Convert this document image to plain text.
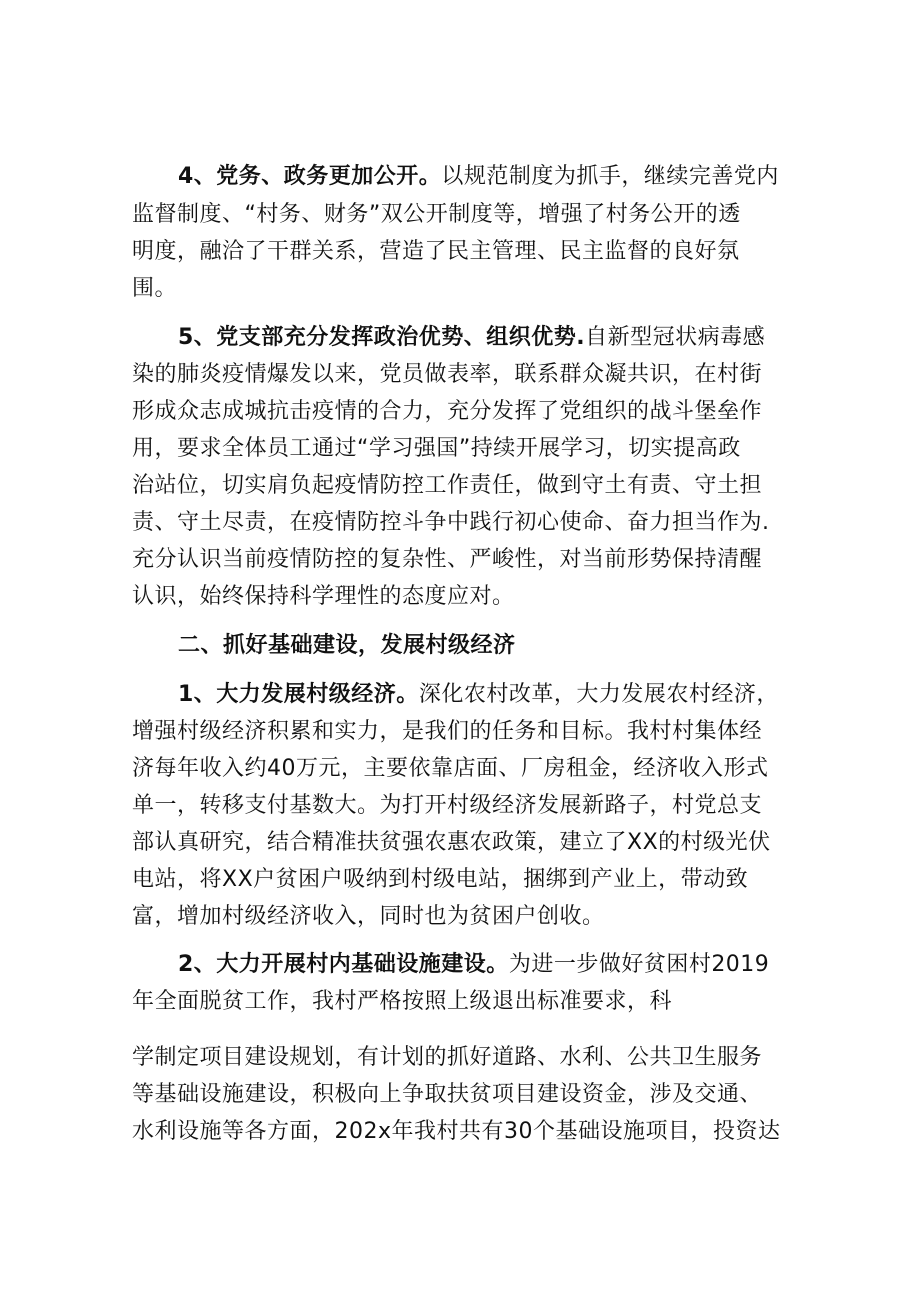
4、党务、政务更加公开。以规范制度为抓手，继续完善党内
监督制度、“村务、财务”双公开制度等，增强了村务公开的透
明度，融洽了干群关系，营造了民主管理、民主监督的良好氛
围。
5、党支部充分发挥政治优势、组织优势.自新型冠状病毒感
染的肺炎疫情爆发以来，党员做表率，联系群众凝共识，在村街
形成众志成城抗击疫情的合力，充分发挥了党组织的战斗堡垒作
用，要求全体员工通过“学习强国”持续开展学习，切实提高政
治站位，切实肩负起疫情防控工作责任，做到守土有责、守土担
责、守土尽责，在疫情防控斗争中践行初心使命、奋力担当作为.
充分认识当前疫情防控的复杂性、严峻性，对当前形势保持清醒
认识，始终保持科学理性的态度应对。
二、抓好基础建设，发展村级经济
1、大力发展村级经济。深化农村改革，大力发展农村经济，
增强村级经济积累和实力，是我们的任务和目标。我村村集体经
济每年收入约40万元，主要依靠店面、厂房租金，经济收入形式
单一，转移支付基数大。为打开村级经济发展新路子，村党总支
部认真研究，结合精准扶贫强农惠农政策，建立了XX的村级光伏
电站，将XX户贫困户吸纳到村级电站，捆绑到产业上，带动致
富，增加村级经济收入，同时也为贫困户创收。
2、大力开展村内基础设施建设。为进一步做好贫困村2019
年全面脱贫工作，我村严格按照上级退出标准要求，科
学制定项目建设规划，有计划的抓好道路、水利、公共卫生服务
等基础设施建设，积极向上争取扶贫项目建设资金，涉及交通、
水利设施等各方面，202x年我村共有30个基础设施项目，投资达
